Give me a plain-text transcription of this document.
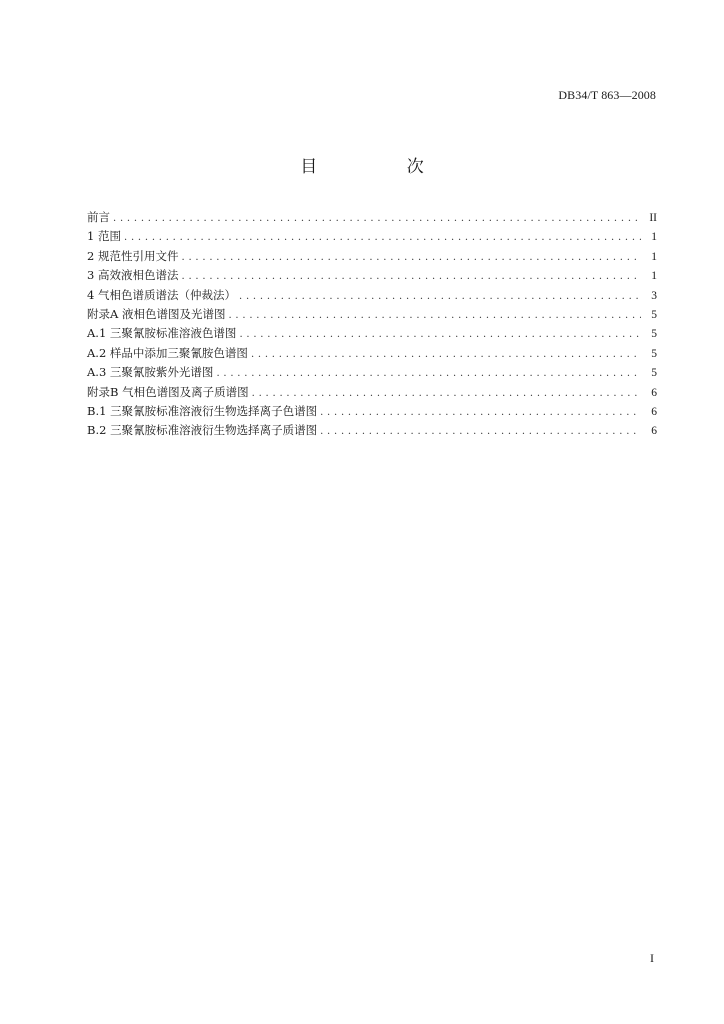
DB34/T 863—2008
目 次
前言 . . .	II
1 范围 . . .	1
2 规范性引用文件 . . .	1
3 高效液相色谱法 . . .	1
4 气相色谱质谱法（仲裁法） . . .	3
附录A 液相色谱图及光谱图 . . .	5
A.1 三聚氰胺标准溶液色谱图 . . .	5
A.2 样品中添加三聚氰胺色谱图 . . .	5
A.3 三聚氰胺紫外光谱图 . . .	5
附录B 气相色谱图及离子质谱图 . . .	6
B.1 三聚氰胺标准溶液衍生物选择离子色谱图 . . .	6
B.2 三聚氰胺标准溶液衍生物选择离子质谱图 . . .	6
I
